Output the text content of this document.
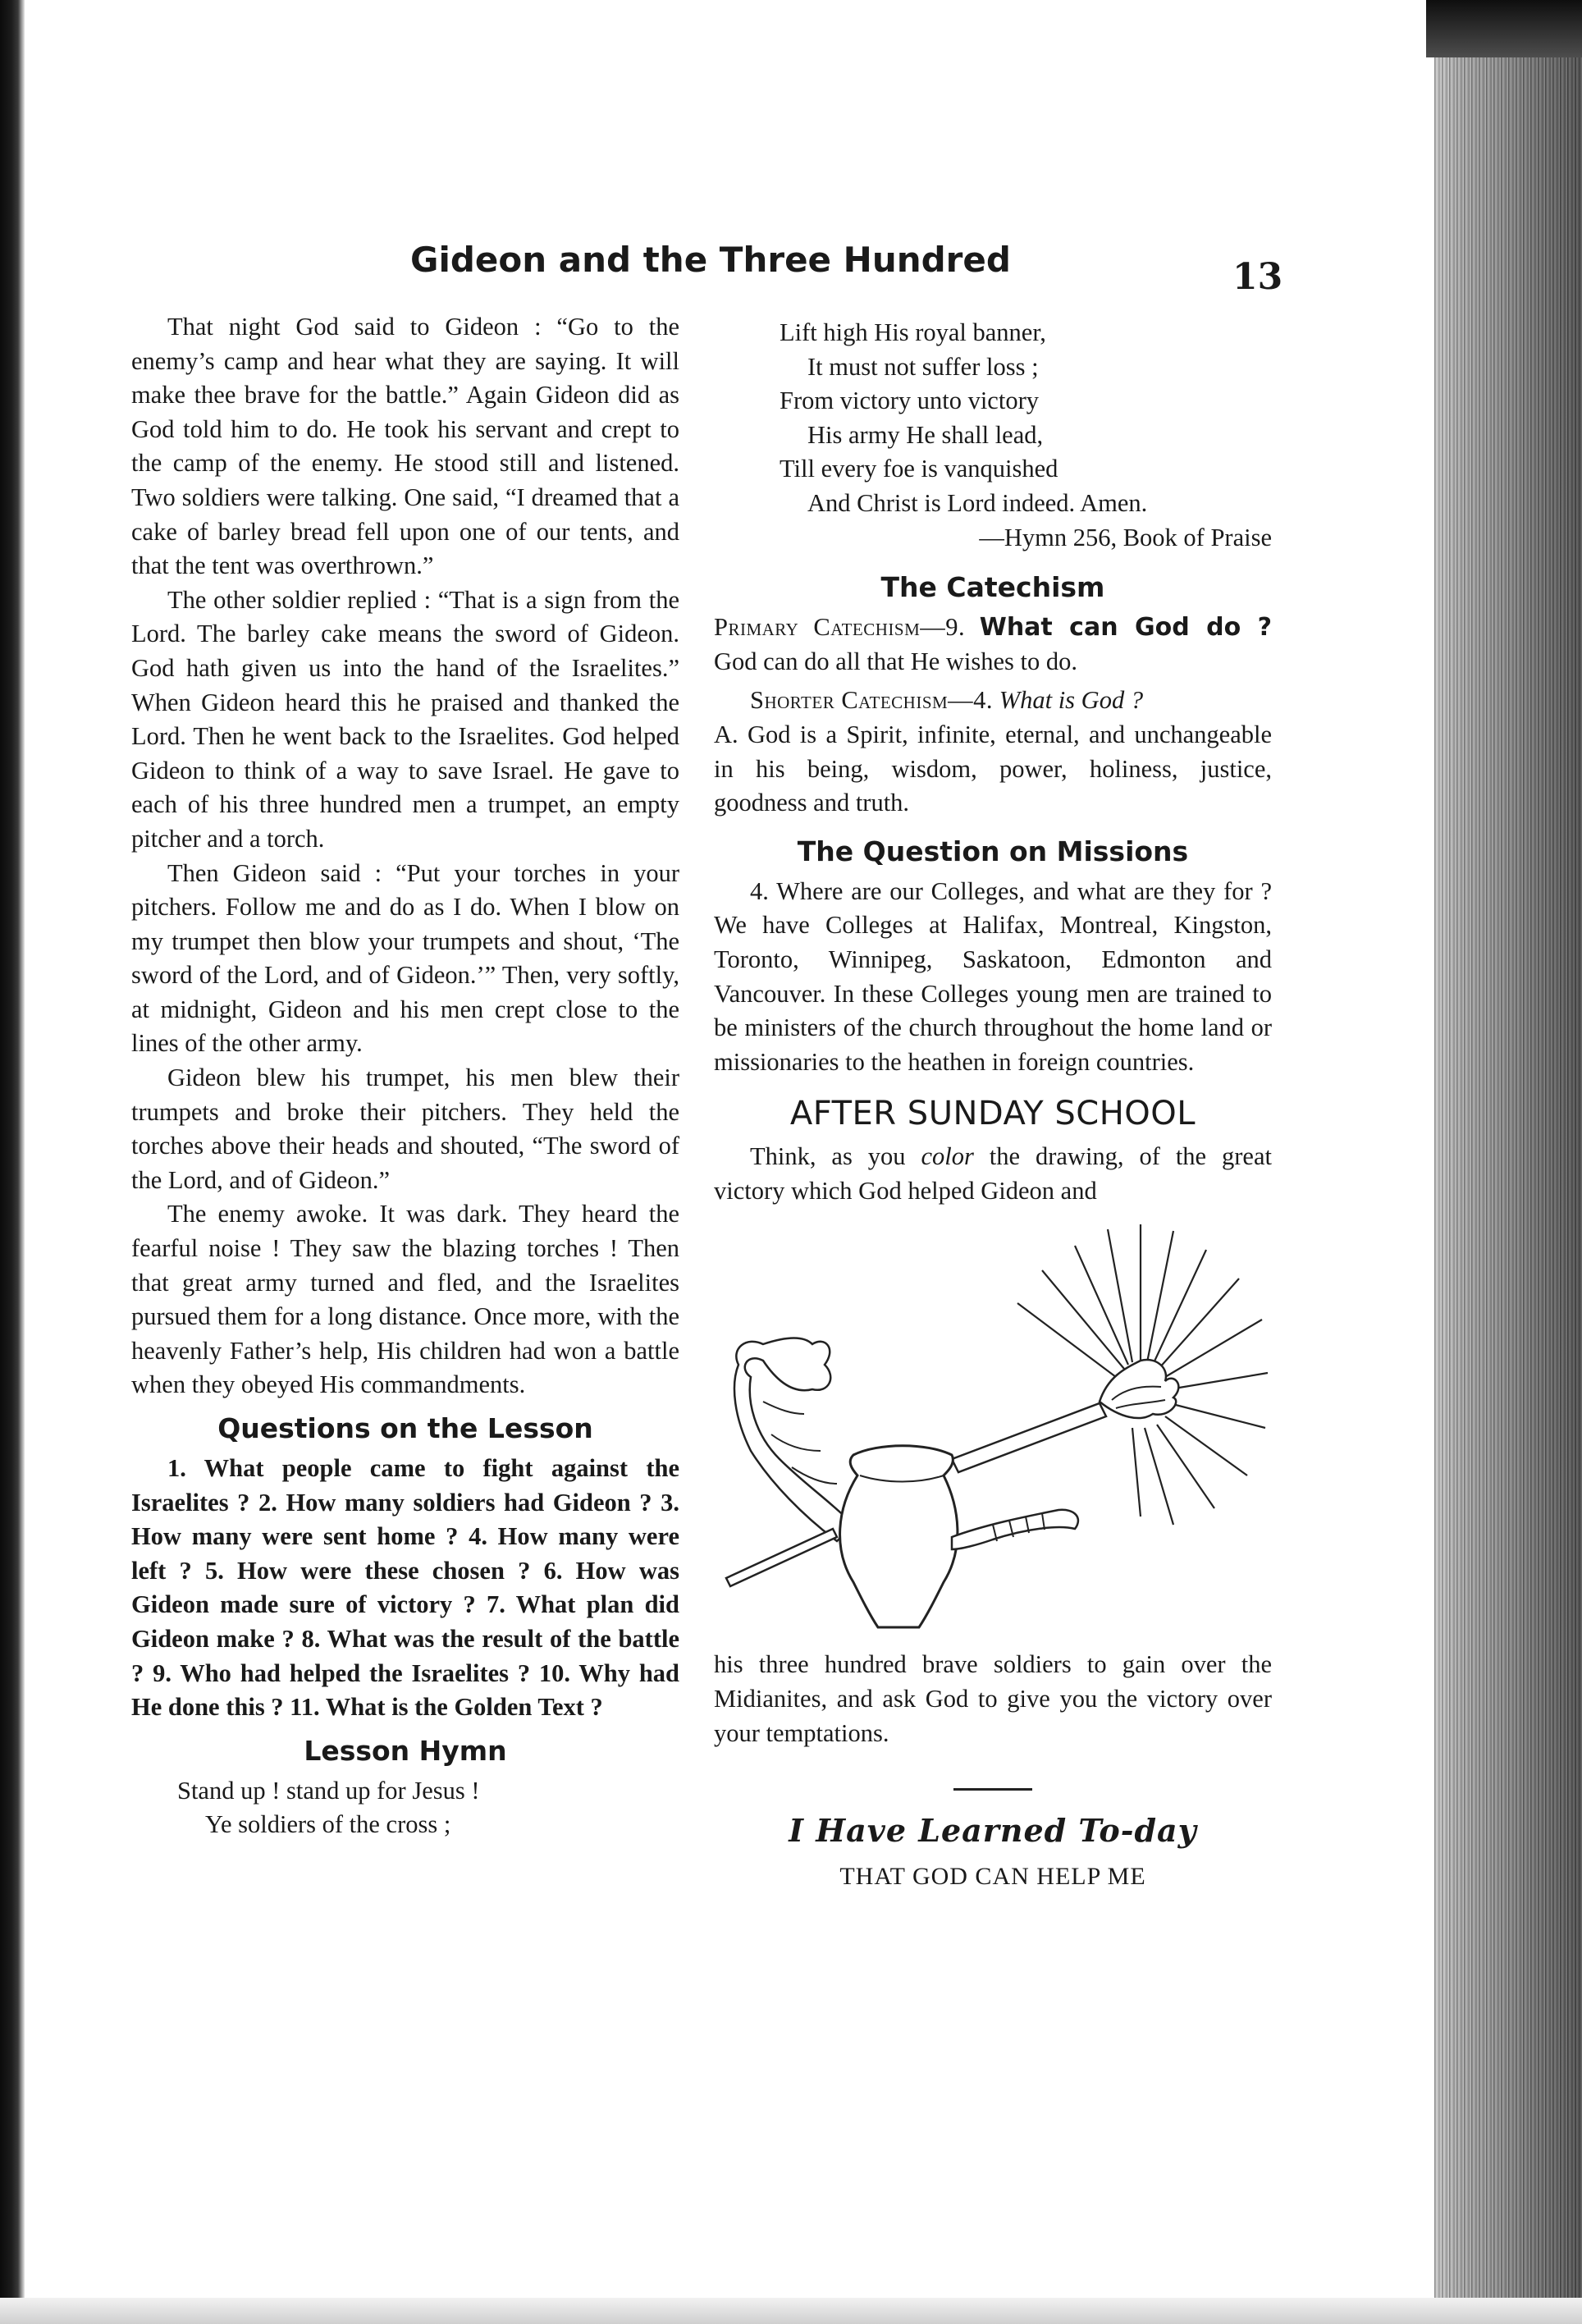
Gideon and the Three Hundred	13

That night God said to Gideon : “Go to the enemy’s camp and hear what they are saying. It will make thee brave for the battle.” Again Gideon did as God told him to do. He took his servant and crept to the camp of the enemy. He stood still and listened. Two soldiers were talking. One said, “I dreamed that a cake of barley bread fell upon one of our tents, and that the tent was overthrown.”

The other soldier replied : “That is a sign from the Lord. The barley cake means the sword of Gideon. God hath given us into the hand of the Israelites.” When Gideon heard this he praised and thanked the Lord. Then he went back to the Israelites. God helped Gideon to think of a way to save Israel. He gave to each of his three hundred men a trumpet, an empty pitcher and a torch.

Then Gideon said : “Put your torches in your pitchers. Follow me and do as I do. When I blow on my trumpet then blow your trumpets and shout, ‘The sword of the Lord, and of Gideon.’” Then, very softly, at midnight, Gideon and his men crept close to the lines of the other army.

Gideon blew his trumpet, his men blew their trumpets and broke their pitchers. They held the torches above their heads and shouted, “The sword of the Lord, and of Gideon.”

The enemy awoke. It was dark. They heard the fearful noise ! They saw the blazing torches ! Then that great army turned and fled, and the Israelites pursued them for a long distance. Once more, with the heavenly Father’s help, His children had won a battle when they obeyed His commandments.

Questions on the Lesson

1. What people came to fight against the Israelites ? 2. How many soldiers had Gideon ? 3. How many were sent home ? 4. How many were left ? 5. How were these chosen ? 6. How was Gideon made sure of victory ? 7. What plan did Gideon make ? 8. What was the result of the battle ? 9. Who had helped the Israelites ? 10. Why had He done this ? 11. What is the Golden Text ?

Lesson Hymn
Stand up ! stand up for Jesus !
Ye soldiers of the cross ;
Lift high His royal banner,
It must not suffer loss ;
From victory unto victory
His army He shall lead,
Till every foe is vanquished
And Christ is Lord indeed. Amen.
—Hymn 256, Book of Praise
The Catechism

Primary Catechism—9. What can God do ? God can do all that He wishes to do.

Shorter Catechism—4. What is God ?

A. God is a Spirit, infinite, eternal, and unchangeable in his being, wisdom, power, holiness, justice, goodness and truth.

The Question on Missions

4. Where are our Colleges, and what are they for ? We have Colleges at Halifax, Montreal, Kingston, Toronto, Winnipeg, Saskatoon, Edmonton and Vancouver. In these Colleges young men are trained to be ministers of the church throughout the home land or missionaries to the heathen in foreign countries.

AFTER SUNDAY SCHOOL

Think, as you color the drawing, of the great victory which God helped Gideon and

his three hundred brave soldiers to gain over the Midianites, and ask God to give you the victory over your temptations.

I Have Learned To-day
THAT GOD CAN HELP ME
